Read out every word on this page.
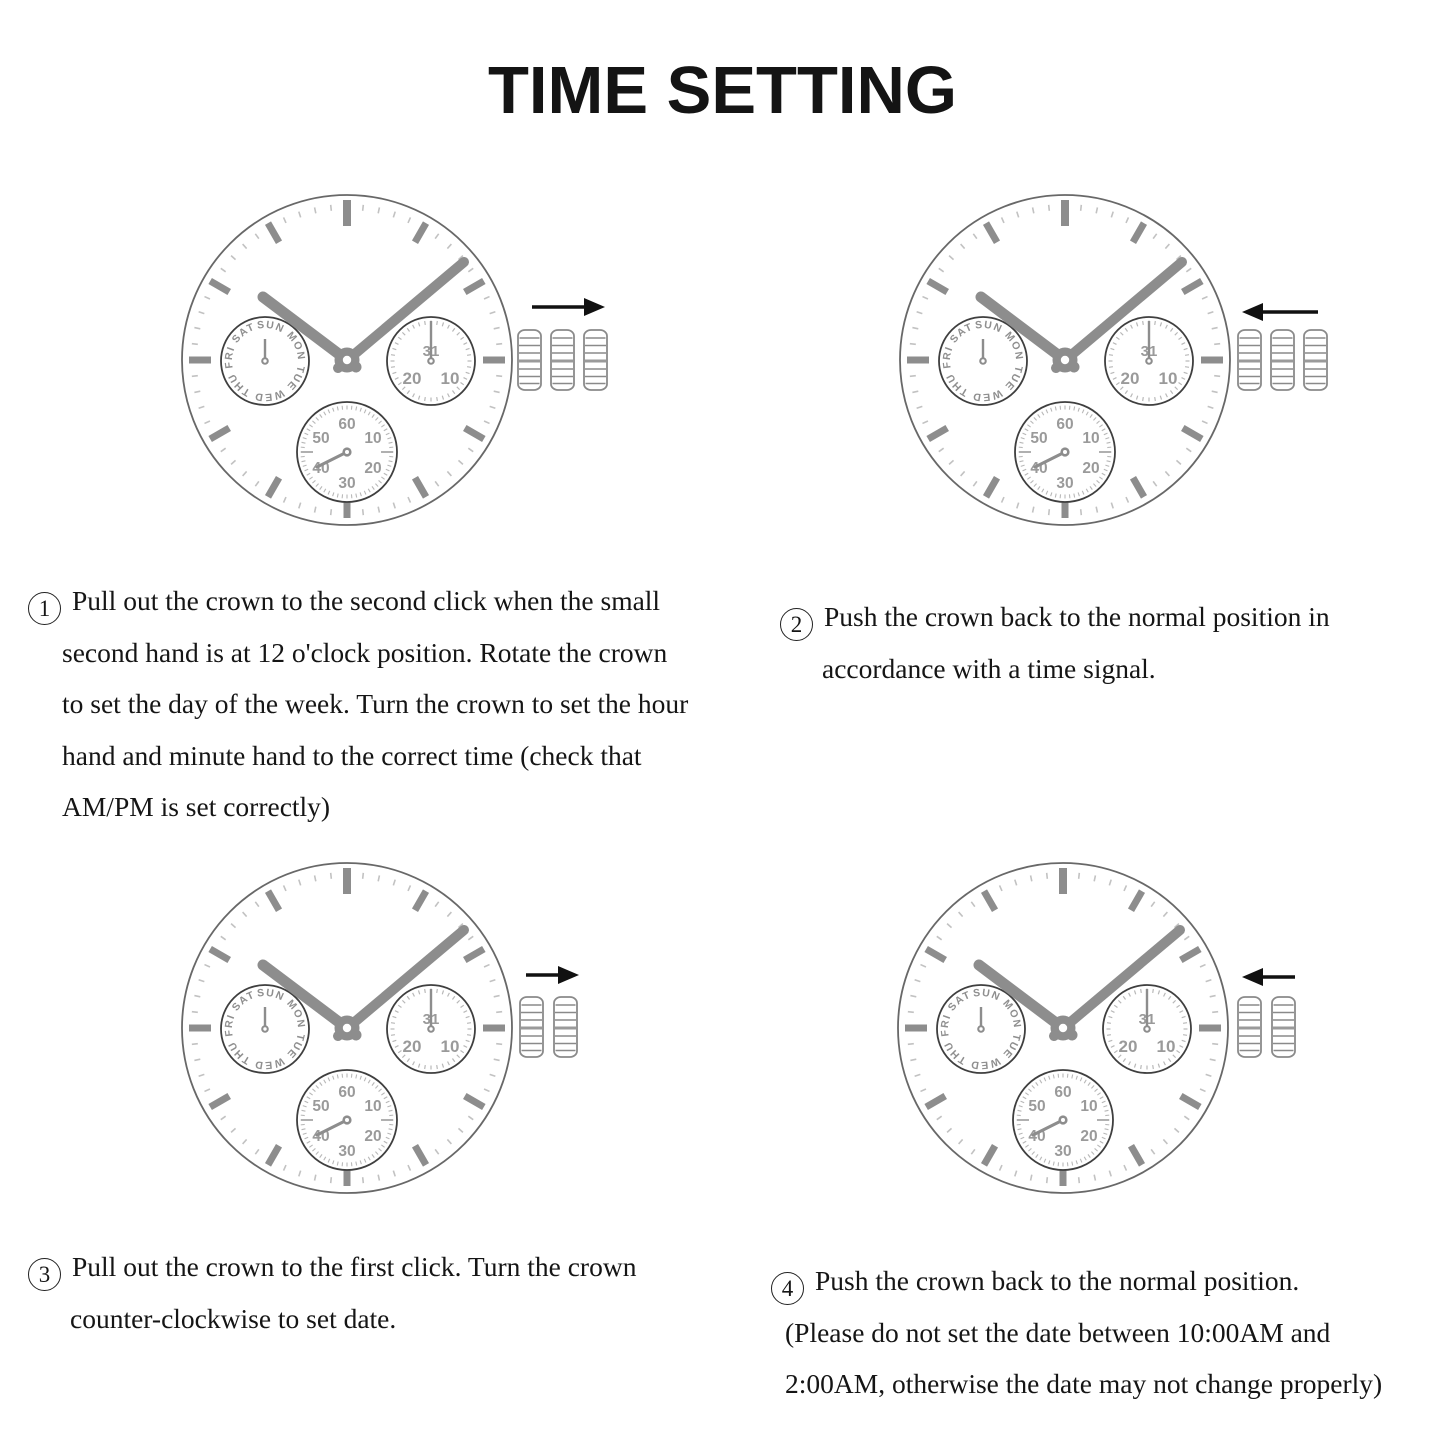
TIME SETTING
1 Pull out the crown to the second click when the small
second hand is at 12 o'clock position. Rotate the crown
to set the day of the week. Turn the crown to set the hour
hand and minute hand to the correct time (check that
AM/PM is set correctly)
2 Push the crown back to the normal position in
accordance with a time signal.
3 Pull out the crown to the first click. Turn the crown
counter-clockwise to set date.
4 Push the crown back to the normal position.
(Please do not set the date between 10:00AM and
2:00AM, otherwise the date may not change properly)
